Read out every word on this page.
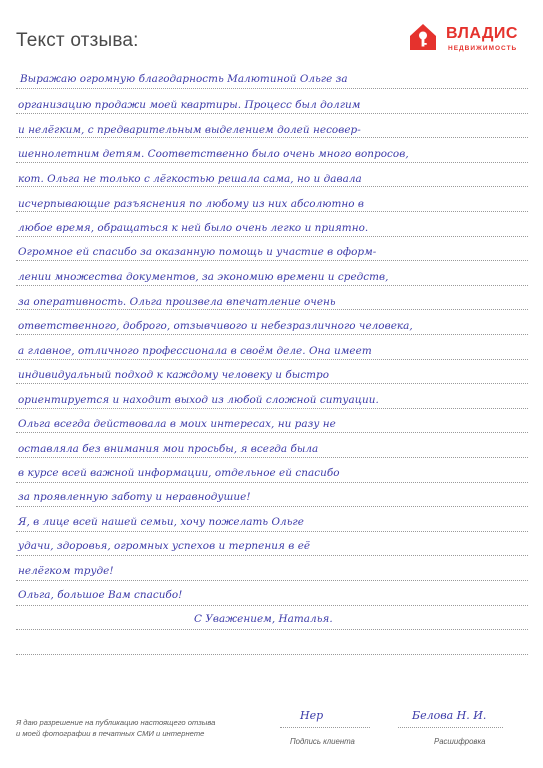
Текст отзыва:	ВЛАДИС
НЕДВИЖИМОСТЬ
Выражаю огромную благодарность Малютиной Ольге за
организацию продажи моей квартиры. Процесс был долгим
и нелёгким, с предварительным выделением долей несовер-
шеннолетним детям. Соответственно было очень много вопросов,
кот. Ольга не только с лёгкостью решала сама, но и давала
исчерпывающие разъяснения по любому из них абсолютно в
любое время, обращаться к ней было очень легко и приятно.
Огромное ей спасибо за оказанную помощь и участие в оформ-
лении множества документов, за экономию времени и средств,
за оперативность. Ольга произвела впечатление очень
ответственного, доброго, отзывчивого и небезразличного человека,
а главное, отличного профессионала в своём деле. Она имеет
индивидуальный подход к каждому человеку и быстро
ориентируется и находит выход из любой сложной ситуации.
Ольга всегда действовала в моих интересах, ни разу не
оставляла без внимания мои просьбы, я всегда была
в курсе всей важной информации, отдельное ей спасибо
за проявленную заботу и неравнодушие!
Я, в лице всей нашей семьи, хочу пожелать Ольге
удачи, здоровья, огромных успехов и терпения в её
нелёгком труде!
Ольга, большое Вам спасибо!
С Уважением, Наталья.
Я даю разрешение на публикацию настоящего отзыва
и моей фотографии в печатных СМИ и интернете
Нер
Подпись клиента
Белова Н. И.
Расшифровка
